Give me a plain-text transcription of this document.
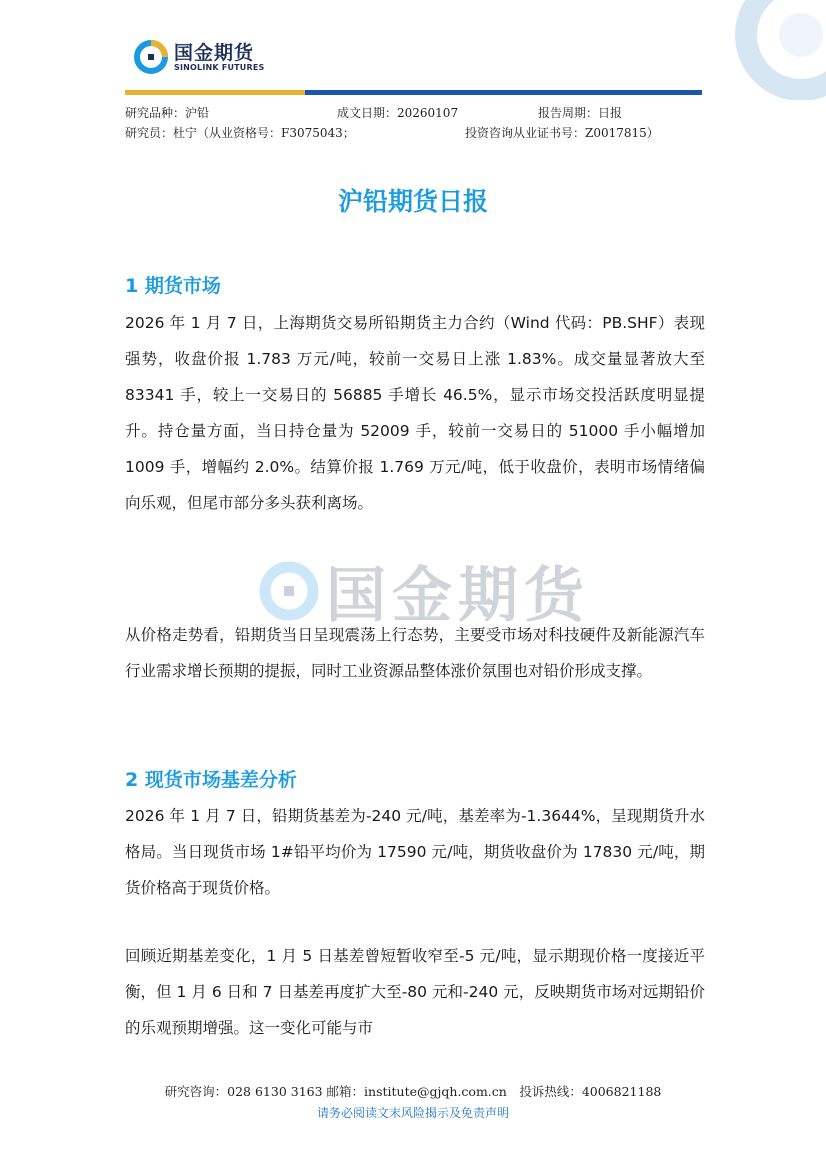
国金期货
SINOLINK FUTURES
研究品种：沪铅	成文日期：20260107	报告周期：日报
研究员：杜宁（从业资格号：F3075043；	投资咨询从业证书号：Z0017815）
沪铅期货日报
国金期货
1 期货市场
2026 年 1 月 7 日，上海期货交易所铅期货主力合约（Wind 代码：PB.SHF）表现强势，收盘价报 1.783 万元/吨，较前一交易日上涨 1.83%。成交量显著放大至 83341 手，较上一交易日的 56885 手增长 46.5%，显示市场交投活跃度明显提升。持仓量方面，当日持仓量为 52009 手，较前一交易日的 51000 手小幅增加 1009 手，增幅约 2.0%。结算价报 1.769 万元/吨，低于收盘价，表明市场情绪偏向乐观，但尾市部分多头获利离场。
从价格走势看，铅期货当日呈现震荡上行态势，主要受市场对科技硬件及新能源汽车行业需求增长预期的提振，同时工业资源品整体涨价氛围也对铅价形成支撑。
2 现货市场基差分析
2026 年 1 月 7 日，铅期货基差为-240 元/吨，基差率为-1.3644%，呈现期货升水格局。当日现货市场 1#铅平均价为 17590 元/吨，期货收盘价为 17830 元/吨，期货价格高于现货价格。
回顾近期基差变化，1 月 5 日基差曾短暂收窄至-5 元/吨，显示期现价格一度接近平衡，但 1 月 6 日和 7 日基差再度扩大至-80 元和-240 元，反映期货市场对远期铅价的乐观预期增强。这一变化可能与市
研究咨询：028 6130 3163 邮箱：institute@gjqh.com.cn　投诉热线：4006821188
请务必阅读文末风险揭示及免责声明
